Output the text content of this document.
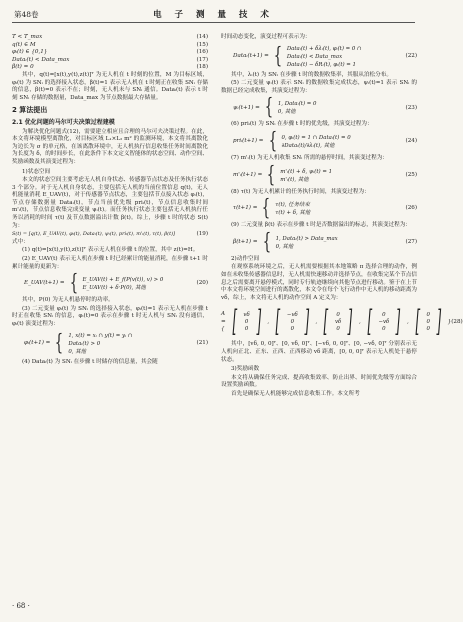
第48卷	电 子 测 量 技 术
T < T_max	(14)
q(t) ∈ M	(15)
φᵢ(t) ∈ {0,1}	(16)
Dataᵢ(t) < Data_max	(17)
β(t) = 0	(18)

其中，q(t)=[x(t),y(t),z(t)]ᵀ 为无人机在 t 时刻的位置，M 为目标区域，φᵢ(t) 为 SNᵢ 的选择接入状态，β(t)=1 表示无人机在 t 时刻正在收集 SNᵢ 存储的信息，β(t)=0 表示不在；时刻，无人机未与 SNᵢ 通信。Dataᵢ(t) 表示 t 时刻 SNᵢ 存储的数据量，Data_max 为节点数据最大存储量。

2 算法提出
2.1 优化问题的马尔可夫决策过程建模

为解决优化问题式(12)，需要建立相应且合理的马尔可夫决策过程。在此，本文将环境模型离散化，对目标区域 L₁×L₂ m² 的监测环境，本文将其离散化为边长为 σ 的单元格，在该离散环境中，无人机执行信息收集任务时间离散化为长度为 δ，的时间步长，在此条件下本文定义智能体的状态空间、动作空间、奖励函数及其演变过程为：

1)状态空间

本文的状态空间主要考虑无人机自身状态、传感器节点状态及任务执行状态 3 个部分。对于无人机自身状态，主要包括无人机的当前位置信息 q(t)，无人机能量消耗 E_UAV(t)，对于传感器节点状态，主要包括节点接入状态 φᵢ(t)，节点存储数据量 Dataᵢ(t)，节点当前优先级 priᵢ(t)，节点信息收集时间 m'ᵢ(t)，节点信息收集完成变量 ψᵢ(t)。而任务执行状态主要包括无人机执行任务以消耗的时间 τ(t) 及节点数据溢出计数 β(t)。综上，步骤 t 时的状态 S(t) 为：

S(t) = [q(t), E_UAV(t), φᵢ(t), Dataᵢ(t), ψᵢ(t), priᵢ(t), m'ᵢ(t), τ(t), β(t)]	(19)

式中：

(1) q(t)=[x(t),y(t),z(t)]ᵀ 表示无人机在步骤 t 的位置，其中 z(t)=H。

(2) E_UAV(t) 表示无人机在步骤 t 时已经累计的能量消耗，在步骤 t+1 时累计能量的更新为：

E_UAV(t+1) = { E_UAV(t) + E_f(P(v(t)), v) > 0
E_UAV(t) + δ·P(0), 其他
(20)

其中，P(0) 为无人机悬停时的功率。

(3) 二元变量 φᵢ(t) 为 SNᵢ 的选择接入状态，φᵢ(t)=1 表示无人机在步骤 t 时正在收集 SNᵢ 的信息，φᵢ(t)=0 表示在步骤 t 时无人机与 SNᵢ 没有通信，φᵢ(t) 演变过程为：

φᵢ(t+1) = { 1, x(t) = xᵢ ∩ y(t) = yᵢ ∩
Dataᵢ(t) > 0
0, 其他
(21)

(4) Dataᵢ(t) 为 SNᵢ 在步骤 t 时储存的信息量，其会随

时间动态变化，演变过程可表示为：

Dataᵢ(t+1) = { Dataᵢ(t) + δλᵢ(t), φᵢ(t) = 0 ∩
Dataᵢ(t) < Data_max
Dataᵢ(t) − δRᵢ(t), φᵢ(t) = 1
(22)

其中，λᵢ(t) 为 SNᵢ 在步骤 t 时的数据收集率，其服从泊松分布。

(5) 二元变量 ψᵢ(t) 表示 SNᵢ 的数据收集完成状态，ψᵢ(t)=1 表示 SNᵢ 的数据已经完成收集，其演变过程为：

ψᵢ(t+1) = { 1, Dataᵢ(t) = 0
0, 其他
(23)

(6) priᵢ(t) 为 SNᵢ 在步骤 t 时的优先级，其演变过程为：

priᵢ(t+1) = { 0, φᵢ(t) = 1 ∩ Dataᵢ(t) = 0
∂Dataᵢ(t)/∂λᵢ(t), 其他
(24)

(7) m'ᵢ(t) 为无人机收集 SNᵢ 所需的悬停时间，其演变过程为：

m'ᵢ(t+1) = { m'ᵢ(t) + δ, ψᵢ(t) = 1
m'ᵢ(t), 其他
(25)

(8) τ(t) 为无人机累计的任务执行时间，其演变过程为：

τ(t+1) = { τ(t), 任务结束
τ(t) + δ, 其他
(26)

(9) 二元变量 β(t) 表示在步骤 t 时是否数据溢出的标志，其演变过程为：

β(t+1) = { 1, Dataᵢ(t) > Data_max
0, 其他
(27)
2)动作空间

在观察系统环境之后，无人机需要根据其本地策略 π 选择合理的动作，例如在未收集传感器信息时，无人机需快速移动并选择节点，在收集完某个节点信息之后需要离开悬停模式，同时专行轨迹继续向其他节点进行移动。鉴于在上节中本文将环境空间进行的离散化，本文令在每个飞行动作中无人机的移动距离为 vδ，综上，本文将无人机的动作空间 A 定义为：

A = { [ vδ
0
0 ] , [ −vδ
0
0 ] , [ 0
vδ
0 ] , [ 0
−vδ
0 ] , [ 0
0
0 ] } (28)

其中，[vδ, 0, 0]ᵀ、[0, vδ, 0]ᵀ、[−vδ, 0, 0]ᵀ、[0, −vδ, 0]ᵀ 分别表示无人机向正北、正东、正西、正西移动 vδ 距离，[0, 0, 0]ᵀ 表示无人机处于悬停状态。

3)奖励函数

本文将从确保任务完成、提高收集效率、防止出界、时间优先级等方面综合设置奖励函数。

首先是确保无人机能够完成信息收集工作。本文所考

· 68 ·
